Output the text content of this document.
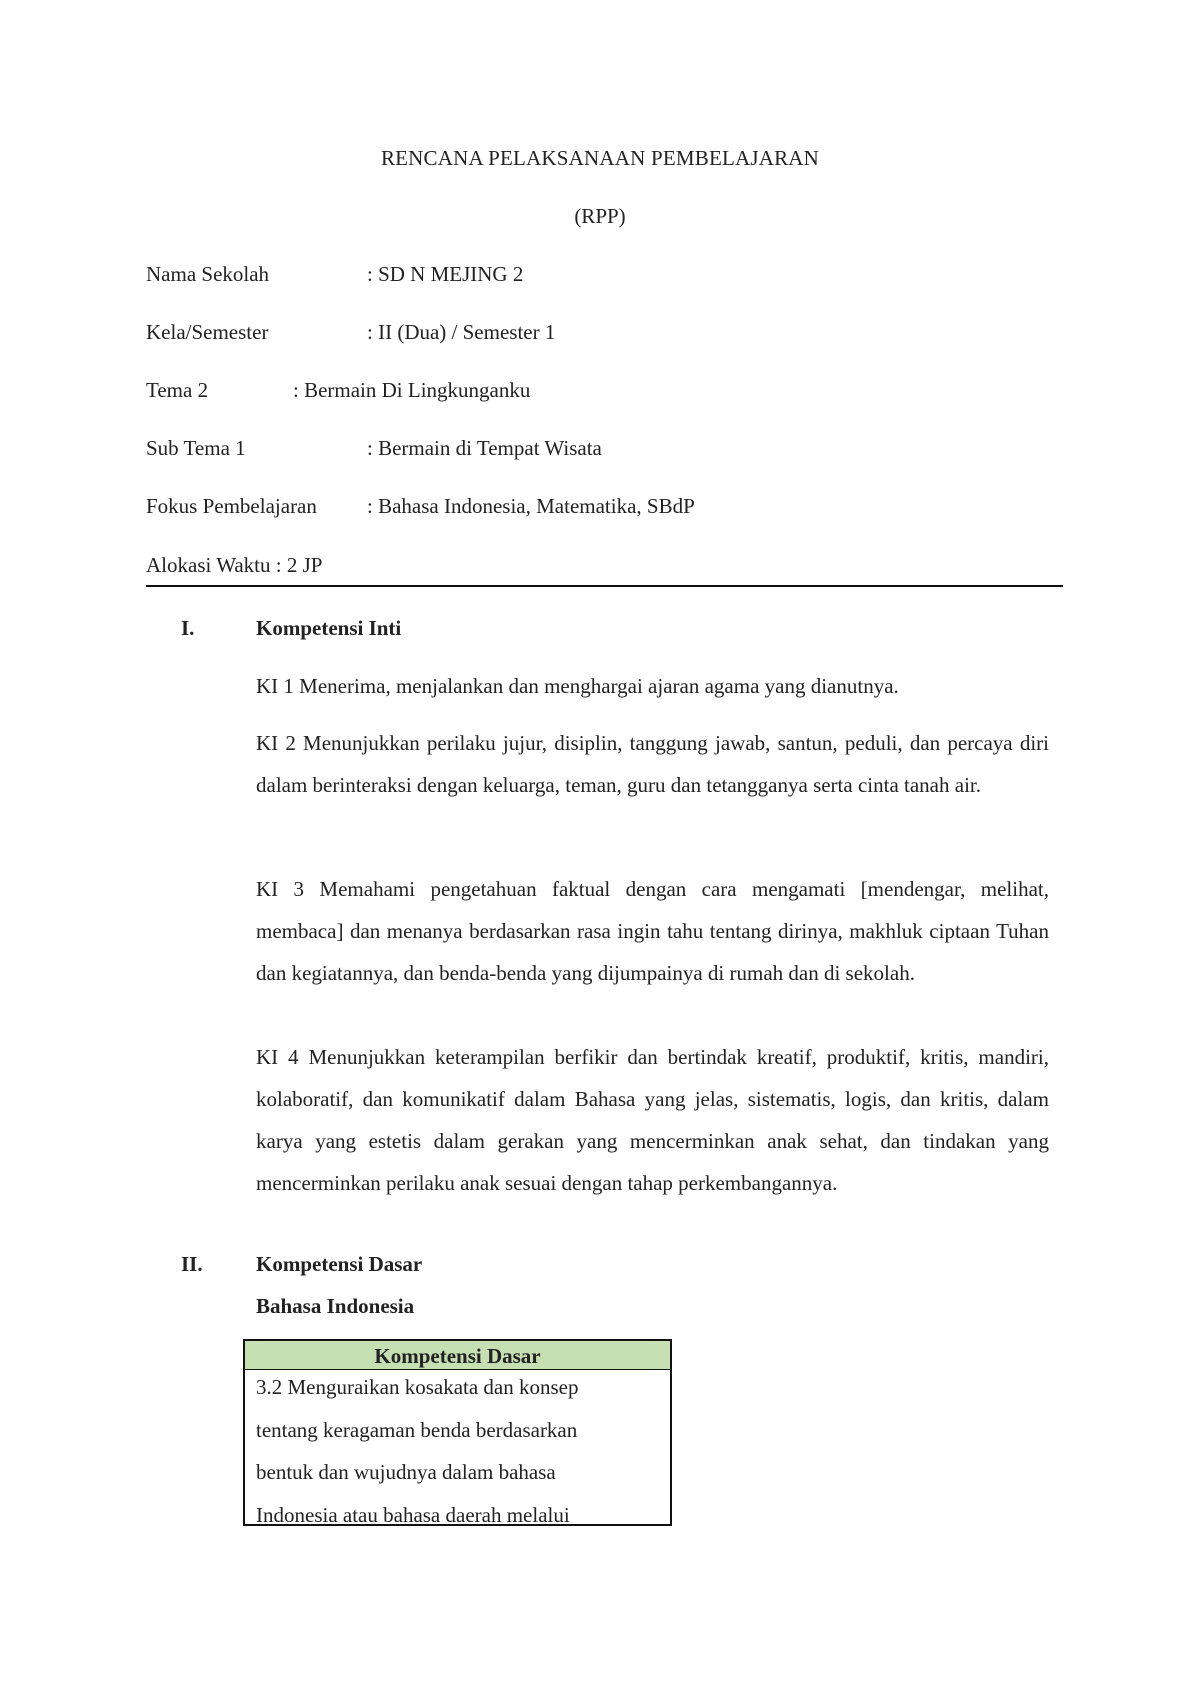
RENCANA PELAKSANAAN PEMBELAJARAN
(RPP)
Nama Sekolah	: SD N MEJING 2
Kela/Semester	: II (Dua) / Semester 1
Tema 2	: Bermain Di Lingkunganku
Sub Tema 1	: Bermain di Tempat Wisata
Fokus Pembelajaran : Bahasa Indonesia, Matematika, SBdP
Alokasi Waktu : 2 JP
I.	Kompetensi Inti
KI 1 Menerima, menjalankan dan menghargai ajaran agama yang dianutnya.
KI 2 Menunjukkan perilaku jujur, disiplin, tanggung jawab, santun, peduli, dan percaya diri dalam berinteraksi dengan keluarga, teman, guru dan tetangganya serta cinta tanah air.
KI 3 Memahami pengetahuan faktual dengan cara mengamati [mendengar, melihat, membaca] dan menanya berdasarkan rasa ingin tahu tentang dirinya, makhluk ciptaan Tuhan dan kegiatannya, dan benda-benda yang dijumpainya di rumah dan di sekolah.
KI 4 Menunjukkan keterampilan berfikir dan bertindak kreatif, produktif, kritis, mandiri, kolaboratif, dan komunikatif dalam Bahasa yang jelas, sistematis, logis, dan kritis, dalam karya yang estetis dalam gerakan yang mencerminkan anak sehat, dan tindakan yang mencerminkan perilaku anak sesuai dengan tahap perkembangannya.
II.	Kompetensi Dasar
Bahasa Indonesia
Kompetensi Dasar
3.2 Menguraikan kosakata dan konsep
tentang keragaman benda berdasarkan
bentuk dan wujudnya dalam bahasa
Indonesia atau bahasa daerah melalui
